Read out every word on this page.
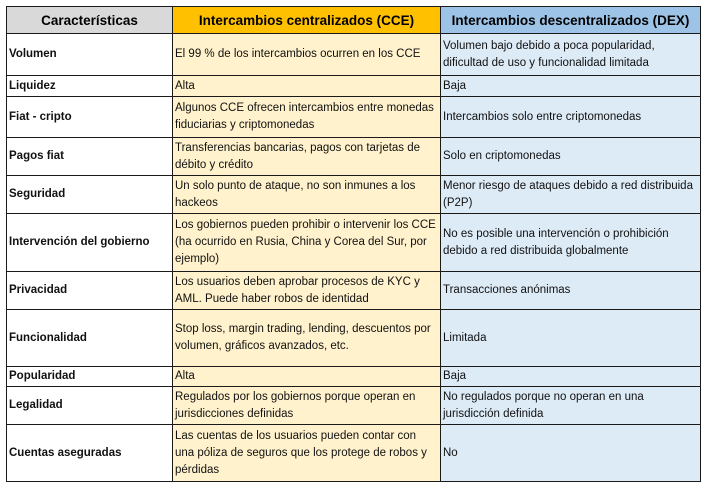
Características	Intercambios centralizados (CCE)	Intercambios descentralizados (DEX)
Volumen	El 99 % de los intercambios ocurren en los CCE	Volumen bajo debido a poca popularidad, dificultad de uso y funcionalidad limitada
Liquidez	Alta	Baja
Fiat - cripto	Algunos CCE ofrecen intercambios entre monedas fiduciarias y criptomonedas	Intercambios solo entre criptomonedas
Pagos fiat	Transferencias bancarias, pagos con tarjetas de débito y crédito	Solo en criptomonedas
Seguridad	Un solo punto de ataque, no son inmunes a los hackeos	Menor riesgo de ataques debido a red distribuida (P2P)
Intervención del gobierno	Los gobiernos pueden prohibir o intervenir los CCE (ha ocurrido en Rusia, China y Corea del Sur, por ejemplo)	No es posible una intervención o prohibición debido a red distribuida globalmente
Privacidad	Los usuarios deben aprobar procesos de KYC y AML. Puede haber robos de identidad	Transacciones anónimas
Funcionalidad	Stop loss, margin trading, lending, descuentos por volumen, gráficos avanzados, etc.	Limitada
Popularidad	Alta	Baja
Legalidad	Regulados por los gobiernos porque operan en jurisdicciones definidas	No regulados porque no operan en una jurisdicción definida
Cuentas aseguradas	Las cuentas de los usuarios pueden contar con una póliza de seguros que los protege de robos y pérdidas	No
